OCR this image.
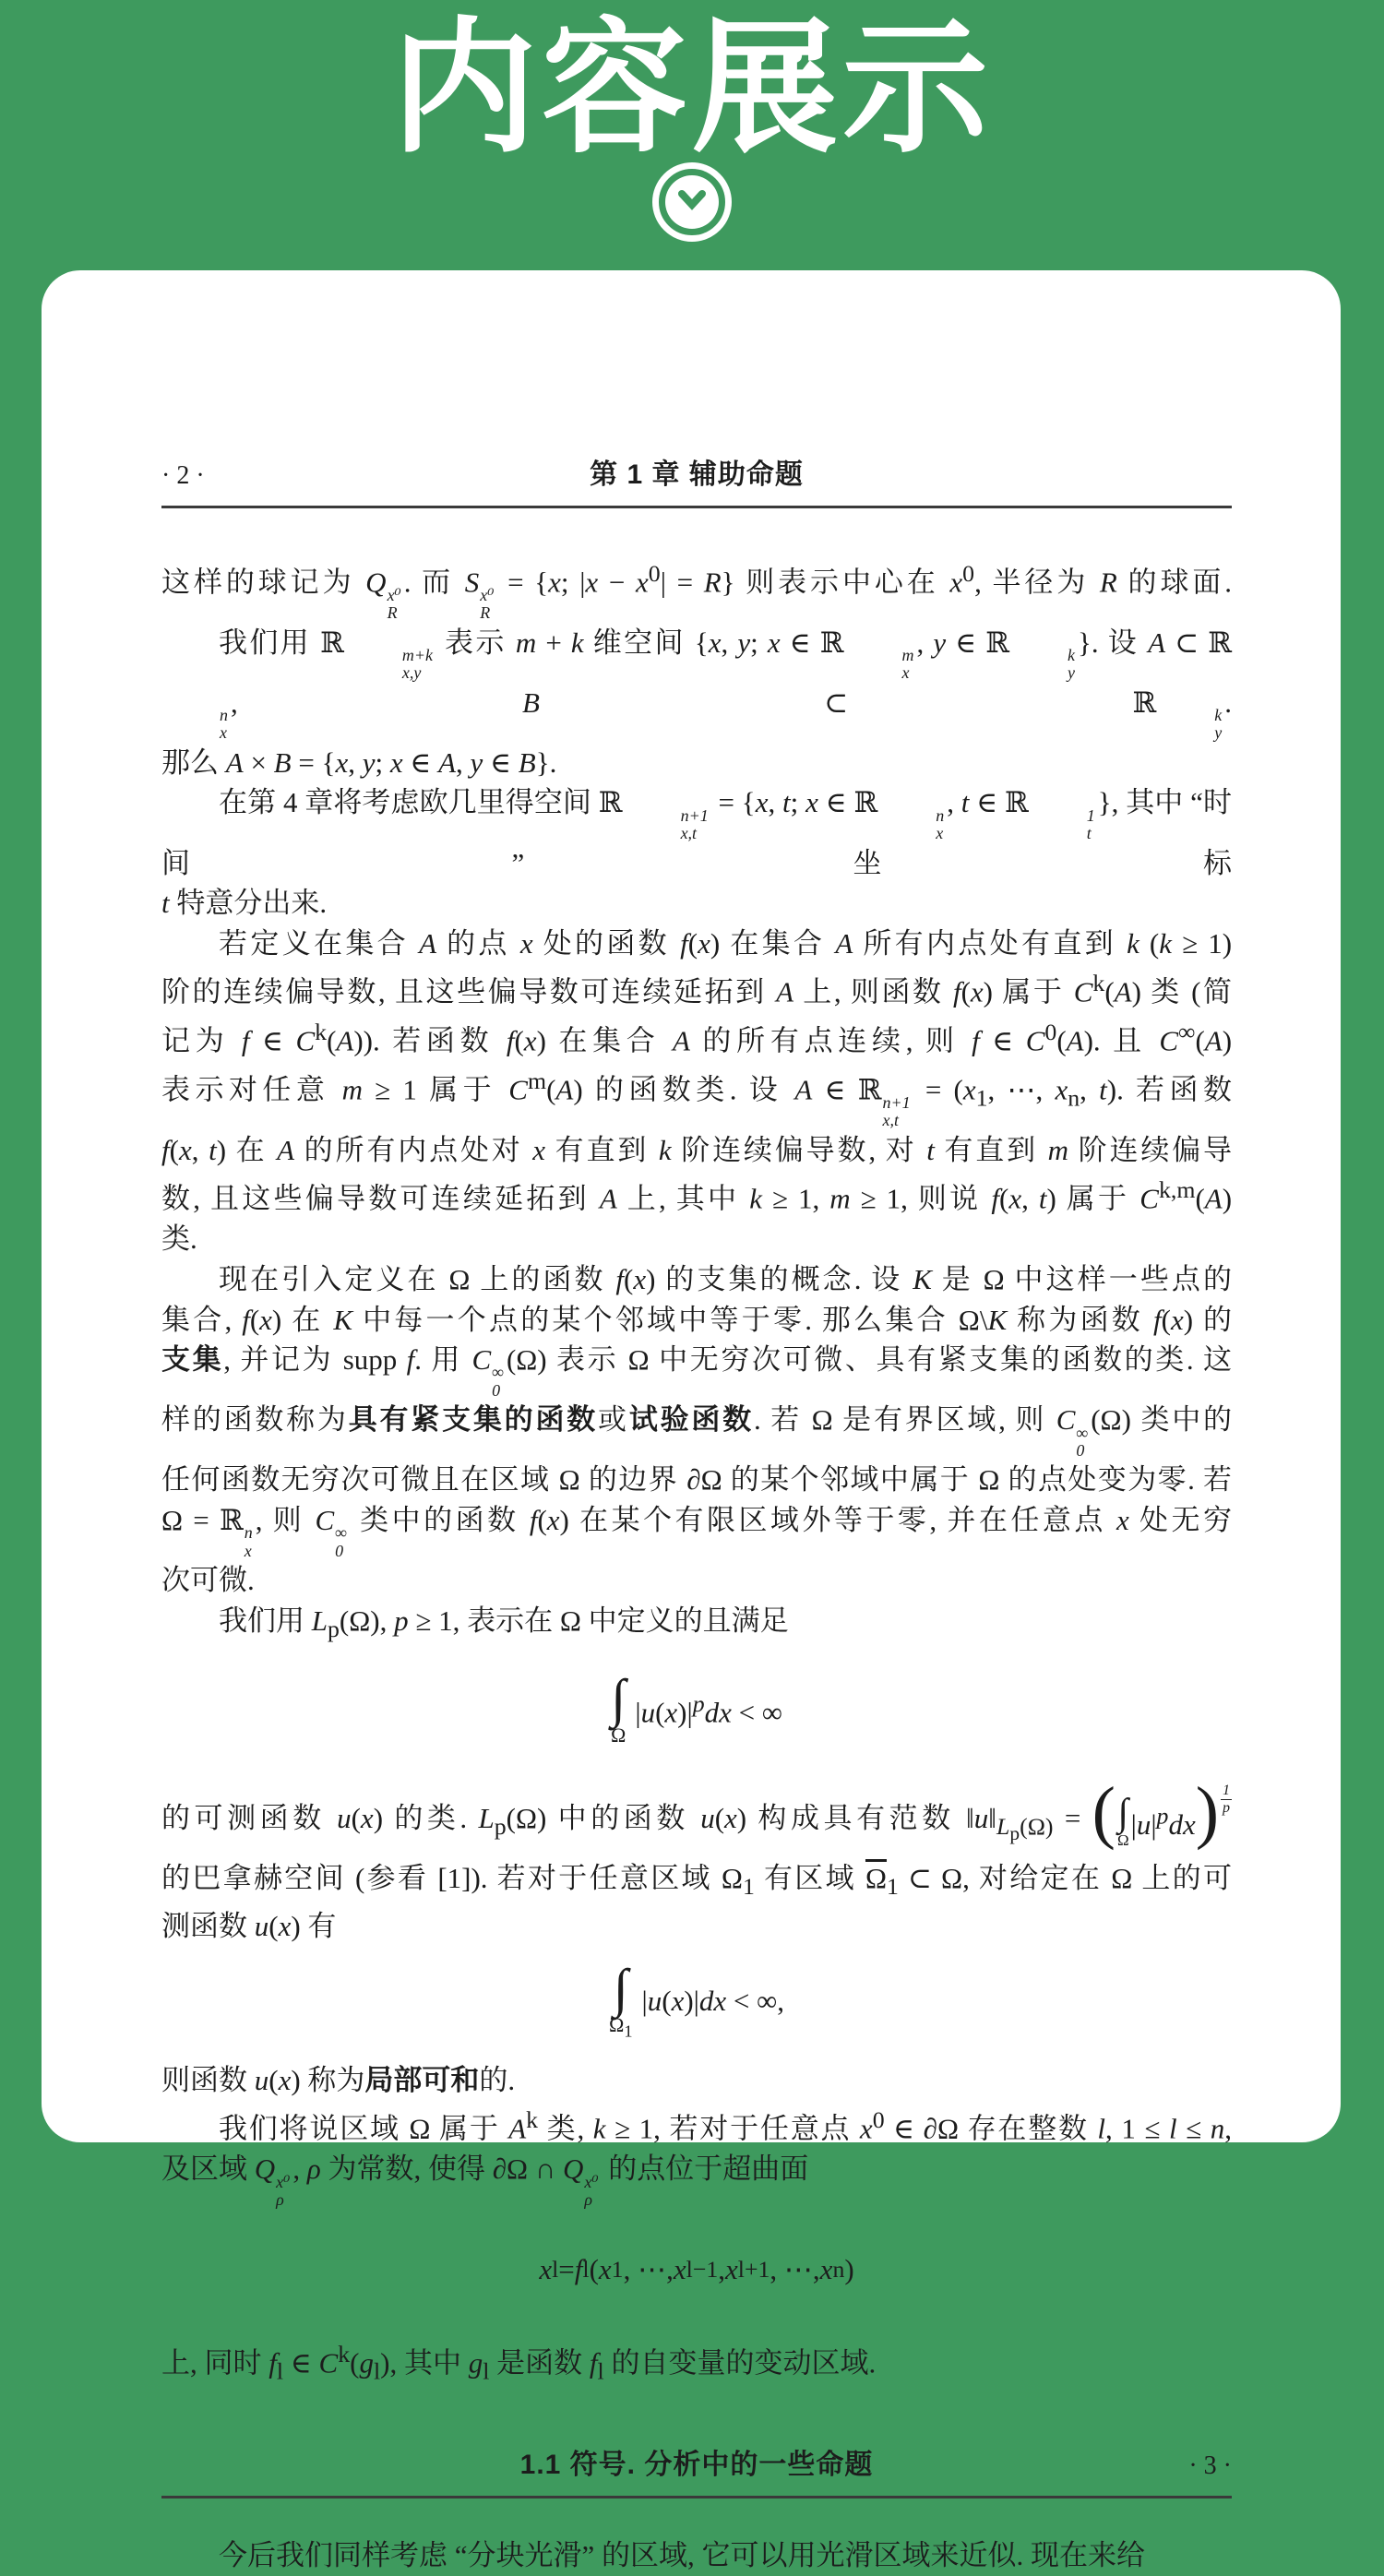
内容展示
· 2 ·	第 1 章 辅助命题
这样的球记为 Q x⁰
R
. 而 S x⁰
R
= {x; $|x - x^0| = R$} 则表示中心在 $x^0$, 半径为 R 的球面.
我们用 ℝ	m+k
x,y
表示 m + k 维空间 {x, y; x ∈ ℝ	m
x
, y ∈ ℝ	k
y
}. 设 A ⊂ ℝ
n
x
, B ⊂ ℝ	k
y
.
那么 A × B = {x, y; x ∈ A, y ∈ B}.
在第 4 章将考虑欧几里得空间 ℝ	n+1
x,t
= {x, t; x ∈ ℝ	n
x
, t ∈ ℝ	1
t
}, 其中 “时间” 坐标
t 特意分出来.
若定义在集合 A 的点 x 处的函数 f(x) 在集合 A 所有内点处有直到 k (k ≥ 1)
阶的连续偏导数, 且这些偏导数可连续延拓到 A 上, 则函数 f(x) 属于 $C^k(A)$ 类 (简
记为 f ∈ $C^k(A)$). 若函数 f(x) 在集合 A 的所有点连续, 则 f ∈ $C^0(A)$. 且 C∞(A)
表示对任意 m ≥ 1 属于 $C^m(A)$ 的函数类. 设 A ∈ ℝ n+1
x,t
= ($x_1$, ⋯, $x_n$, t). 若函数
f(x, t) 在 A 的所有内点处对 x 有直到 k 阶连续偏导数, 对 t 有直到 m 阶连续偏导
数, 且这些偏导数可连续延拓到 A 上, 其中 k ≥ 1, m ≥ 1, 则说 f(x, t) 属于 C$^{k,m}$(A)
类.
现在引入定义在 Ω 上的函数 f(x) 的支集的概念. 设 K 是 Ω 中这样一些点的
集合, f(x) 在 K 中每一个点的某个邻域中等于零. 那么集合 Ω\K 称为函数 f(x) 的
支集, 并记为 supp f. 用 C ∞
0
(Ω) 表示 Ω 中无穷次可微、具有紧支集的函数的类. 这
样的函数称为具有紧支集的函数或试验函数. 若 Ω 是有界区域, 则 C ∞
0
(Ω) 类中的
任何函数无穷次可微且在区域 Ω 的边界 ∂Ω 的某个邻域中属于 Ω 的点处变为零. 若
Ω = ℝ n
x
, 则 C ∞
0
类中的函数 f(x) 在某个有限区域外等于零, 并在任意点 x 处无穷
次可微.
我们用 $L_p(\Omega)$, p ≥ 1, 表示在 Ω 中定义的且满足
∫
Ω
$|u(x)|^pdx$ < ∞
的可测函数 u(x) 的类. $L_p(\Omega)$ 中的函数 u(x) 构成具有范数 $‖u‖_{L_p(\Omega)}$ = ( ∫
Ω $|u|^pdx) \frac{1}{p}$
的巴拿赫空间 (参看 [1]). 若对于任意区域 $\Omega_1$ 有区域 $\overline{\Omega}_1$ ⊂ Ω, 对给定在 Ω 上的可
测函数 u(x) 有
∫
$\Omega_1$
|u(x)|dx < ∞,
则函数 u(x) 称为局部可和的.
我们将说区域 Ω 属于 $A^k$ 类, k ≥ 1, 若对于任意点 $x^0$ ∈ ∂Ω 存在整数 l, 1 ≤ l ≤ n,
及区域 Q x⁰
ρ
, ρ 为常数, 使得 ∂Ω ∩ Q x⁰
ρ
的点位于超曲面
x l = f l ( x 1 , ⋯, x l−1 , x l+1 , ⋯, x n )
上, 同时 $f_l$ ∈ $C^k(g_l)$, 其中 $g_l$ 是函数 $f_l$ 的自变量的变动区域.
1.1 符号. 分析中的一些命题	· 3 ·
今后我们同样考虑 “分块光滑” 的区域, 它可以用光滑区域来近似. 现在来给
